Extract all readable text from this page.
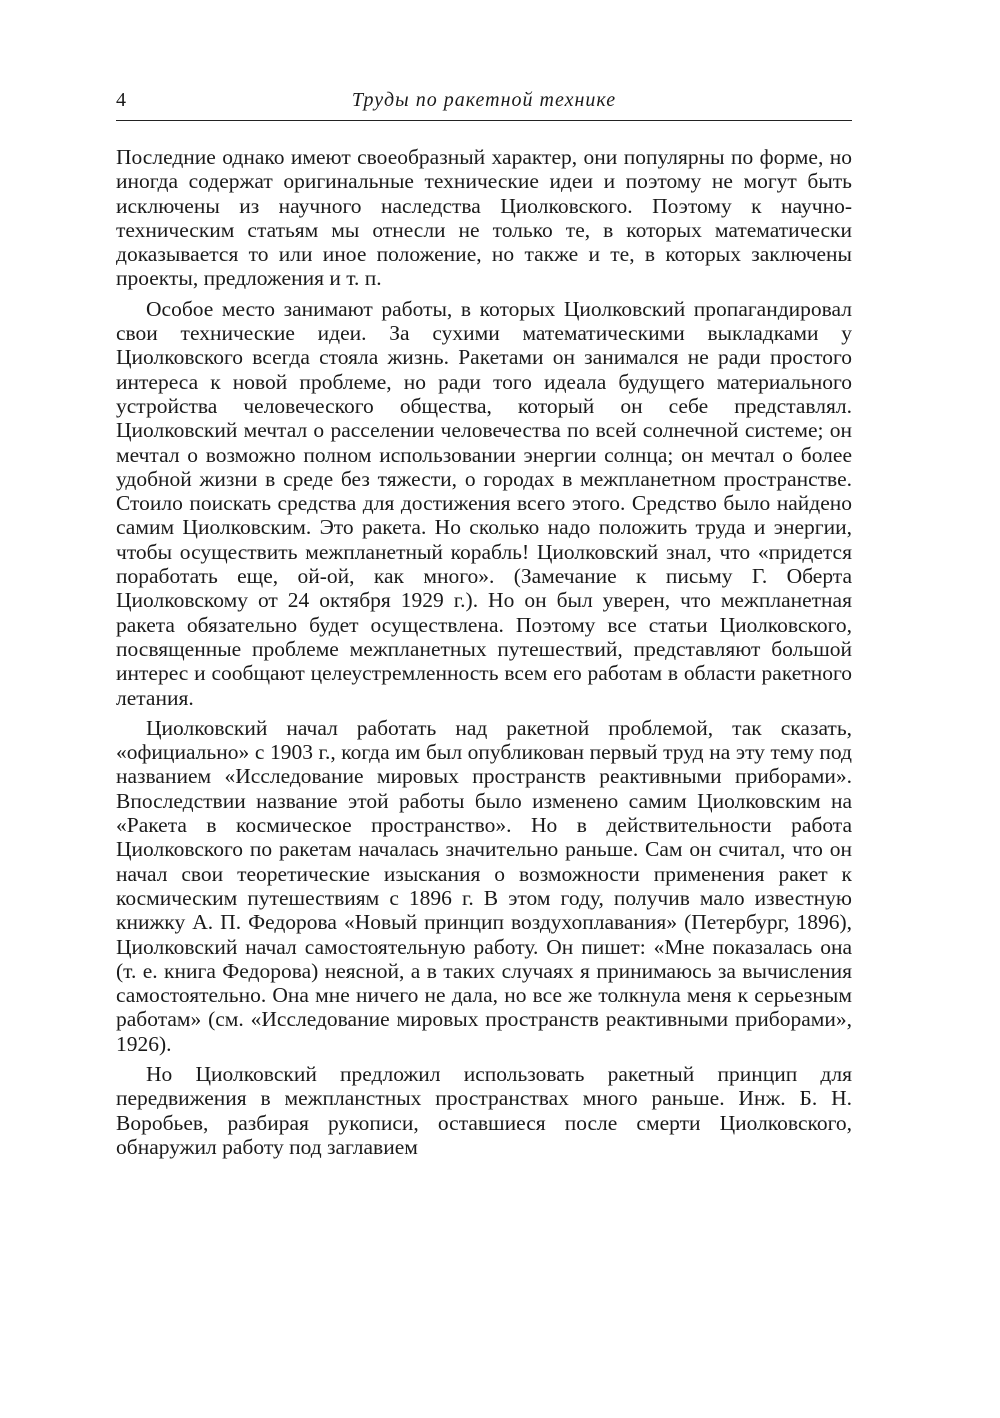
4	Труды по ракетной технике

Последние однако имеют своеобразный характер, они популярны по форме, но иногда содержат оригинальные технические идеи и поэтому не могут быть исключены из научного наследства Циолковского. Поэтому к научно-техническим статьям мы отнесли не только те, в которых математически доказывается то или иное положение, но также и те, в которых заключены проекты, предложения и т. п.

Особое место занимают работы, в которых Циолковский пропагандировал свои технические идеи. За сухими математическими выкладками у Циолковского всегда стояла жизнь. Ракетами он занимался не ради простого интереса к новой проблеме, но ради того идеала будущего материального устройства человеческого общества, который он себе представлял. Циолковский мечтал о расселении человечества по всей солнечной системе; он мечтал о возможно полном использовании энергии солнца; он мечтал о более удобной жизни в среде без тяжести, о городах в межпланетном пространстве. Стоило поискать средства для достижения всего этого. Средство было найдено самим Циолковским. Это ракета. Но сколько надо положить труда и энергии, чтобы осуществить межпланетный корабль! Циолковский знал, что «придется поработать еще, ой-ой, как много». (Замечание к письму Г. Оберта Циолковскому от 24 октября 1929 г.). Но он был уверен, что межпланетная ракета обязательно будет осуществлена. Поэтому все статьи Циолковского, посвященные проблеме межпланетных путешествий, представляют большой интерес и сообщают целеустремленность всем его работам в области ракетного летания.

Циолковский начал работать над ракетной проблемой, так сказать, «официально» с 1903 г., когда им был опубликован первый труд на эту тему под названием «Исследование мировых пространств реактивными приборами». Впоследствии название этой работы было изменено самим Циолковским на «Ракета в космическое пространство». Но в действительности работа Циолковского по ракетам началась значительно раньше. Сам он считал, что он начал свои теоретические изыскания о возможности применения ракет к космическим путешествиям с 1896 г. В этом году, получив мало известную книжку А. П. Федорова «Новый принцип воздухоплавания» (Петербург, 1896), Циолковский начал самостоятельную работу. Он пишет: «Мне показалась она (т. е. книга Федорова) неясной, а в таких случаях я принимаюсь за вычисления самостоятельно. Она мне ничего не дала, но все же толкнула меня к серьезным работам» (см. «Исследование мировых пространств реактивными приборами», 1926).

Но Циолковский предложил использовать ракетный принцип для передвижения в межпланстных пространствах много раньше. Инж. Б. Н. Воробьев, разбирая рукописи, оставшиеся после смерти Циолковского, обнаружил работу под заглавием
